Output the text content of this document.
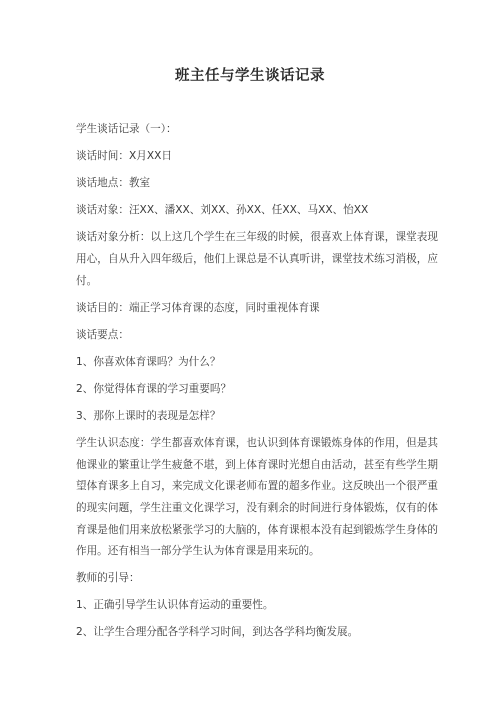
班主任与学生谈话记录

学生谈话记录（一）：

谈话时间：X月XX日

谈话地点：教室

谈话对象：汪XX、潘XX、刘XX、孙XX、任XX、马XX、怡XX

谈话对象分析：以上这几个学生在三年级的时候，很喜欢上体育课，课堂表现用心，自从升入四年级后，他们上课总是不认真听讲，课堂技术练习消极，应付。

谈话目的：端正学习体育课的态度，同时重视体育课

谈话要点：

1、你喜欢体育课吗？为什么？

2、你觉得体育课的学习重要吗？

3、那你上课时的表现是怎样？

学生认识态度：学生都喜欢体育课，也认识到体育课锻炼身体的作用，但是其他课业的繁重让学生疲惫不堪，到上体育课时光想自由活动，甚至有些学生期望体育课多上自习，来完成文化课老师布置的超多作业。这反映出一个很严重的现实问题，学生注重文化课学习，没有剩余的时间进行身体锻炼，仅有的体育课是他们用来放松紧张学习的大脑的，体育课根本没有起到锻炼学生身体的作用。还有相当一部分学生认为体育课是用来玩的。

教师的引导：

1、正确引导学生认识体育运动的重要性。

2、让学生合理分配各学科学习时间，到达各学科均衡发展。
